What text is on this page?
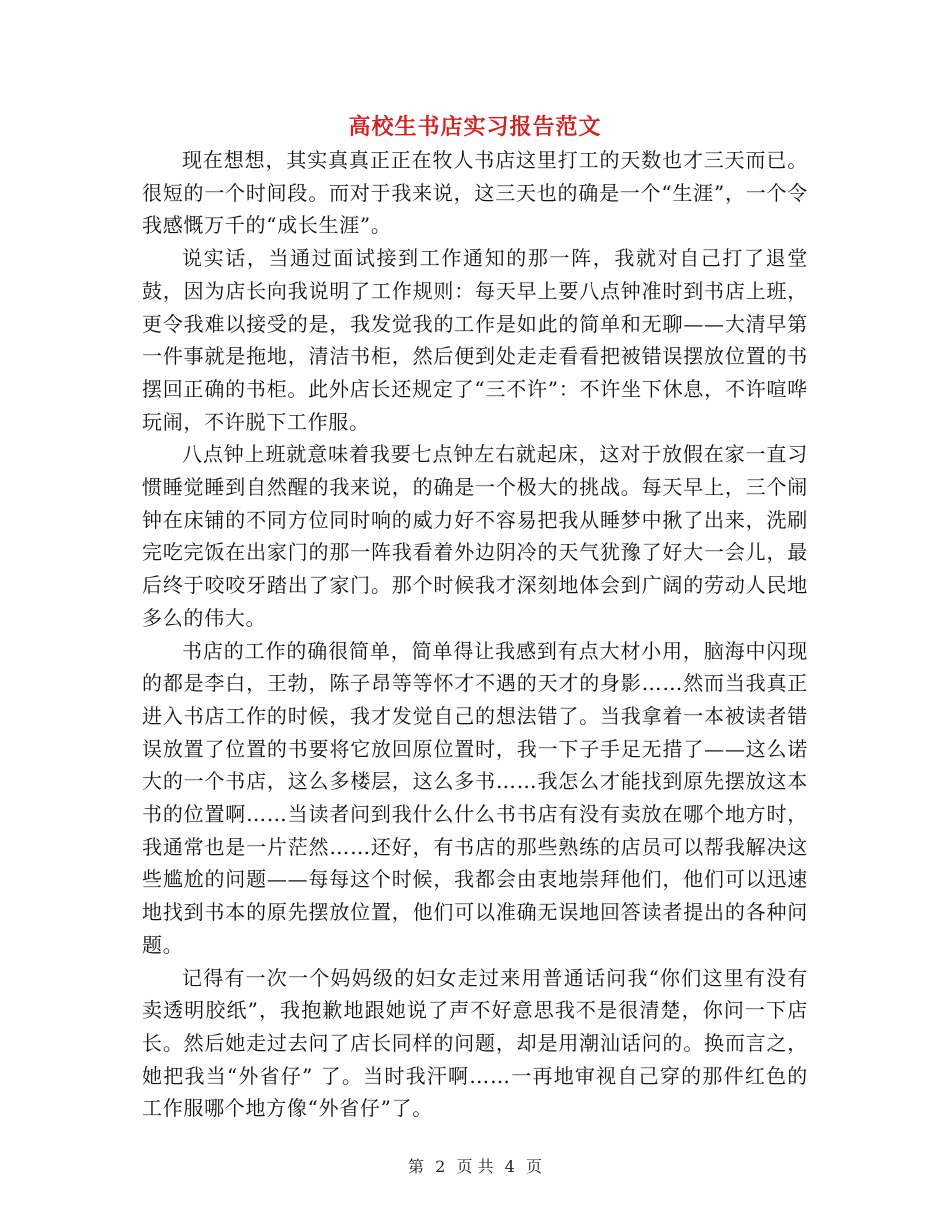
高校生书店实习报告范文

现在想想，其实真真正正在牧人书店这里打工的天数也才三天而已。很短的一个时间段。而对于我来说，这三天也的确是一个“生涯”，一个令我感慨万千的“成长生涯”。

说实话，当通过面试接到工作通知的那一阵，我就对自己打了退堂鼓，因为店长向我说明了工作规则：每天早上要八点钟准时到书店上班，更令我难以接受的是，我发觉我的工作是如此的简单和无聊——大清早第一件事就是拖地，清洁书柜，然后便到处走走看看把被错误摆放位置的书摆回正确的书柜。此外店长还规定了“三不许”：不许坐下休息，不许喧哗玩闹，不许脱下工作服。

八点钟上班就意味着我要七点钟左右就起床，这对于放假在家一直习惯睡觉睡到自然醒的我来说，的确是一个极大的挑战。每天早上，三个闹钟在床铺的不同方位同时响的威力好不容易把我从睡梦中揪了出来，洗刷完吃完饭在出家门的那一阵我看着外边阴冷的天气犹豫了好大一会儿，最后终于咬咬牙踏出了家门。那个时候我才深刻地体会到广阔的劳动人民地多么的伟大。

书店的工作的确很简单，简单得让我感到有点大材小用，脑海中闪现的都是李白，王勃，陈子昂等等怀才不遇的天才的身影……然而当我真正进入书店工作的时候，我才发觉自己的想法错了。当我拿着一本被读者错误放置了位置的书要将它放回原位置时，我一下子手足无措了——这么诺大的一个书店，这么多楼层，这么多书……我怎么才能找到原先摆放这本书的位置啊……当读者问到我什么什么书书店有没有卖放在哪个地方时，我通常也是一片茫然……还好，有书店的那些熟练的店员可以帮我解决这些尴尬的问题——每每这个时候，我都会由衷地崇拜他们，他们可以迅速地找到书本的原先摆放位置，他们可以准确无误地回答读者提出的各种问题。

记得有一次一个妈妈级的妇女走过来用普通话问我“你们这里有没有卖透明胶纸”，我抱歉地跟她说了声不好意思我不是很清楚，你问一下店长。然后她走过去问了店长同样的问题，却是用潮汕话问的。换而言之，她把我当“外省仔” 了。当时我汗啊……一再地审视自己穿的那件红色的工作服哪个地方像“外省仔”了。

第 2 页 共 4 页
